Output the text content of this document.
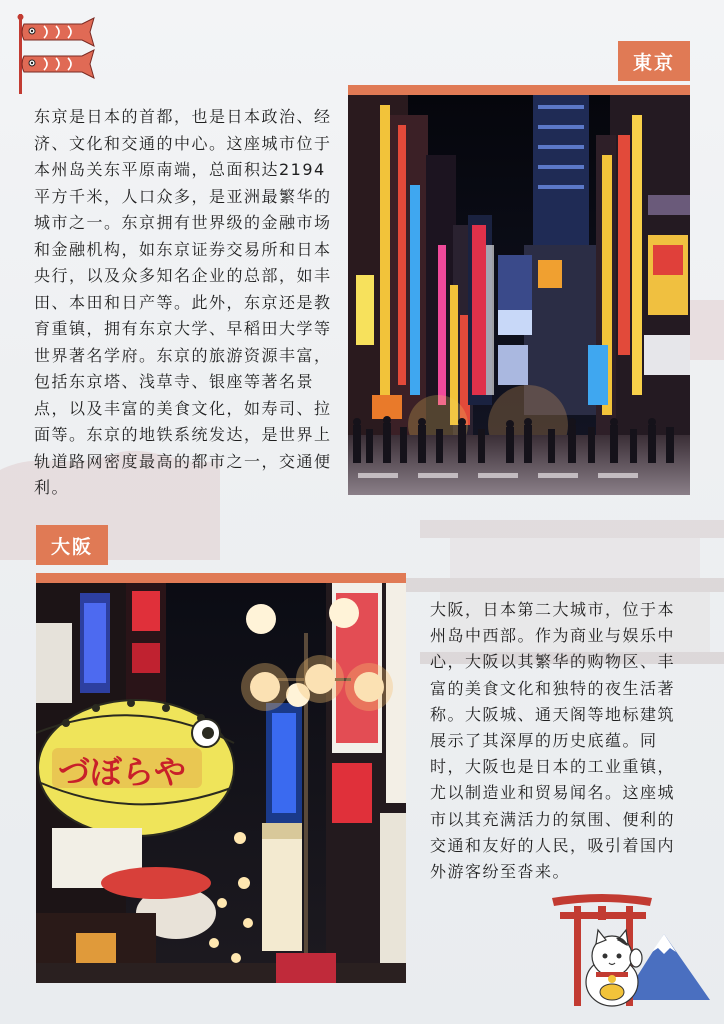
東京

东京是日本的首都，也是日本政治、经济、文化和交通的中心。这座城市位于本州岛关东平原南端，总面积达2194平方千米，人口众多，是亚洲最繁华的城市之一。东京拥有世界级的金融市场和金融机构，如东京证券交易所和日本央行，以及众多知名企业的总部，如丰田、本田和日产等。此外，东京还是教育重镇，拥有东京大学、早稻田大学等世界著名学府。东京的旅游资源丰富，包括东京塔、浅草寺、银座等著名景点，以及丰富的美食文化，如寿司、拉面等。东京的地铁系统发达，是世界上轨道路网密度最高的都市之一，交通便利。

大阪
づぼらや

大阪，日本第二大城市，位于本州岛中西部。作为商业与娱乐中心，大阪以其繁华的购物区、丰富的美食文化和独特的夜生活著称。大阪城、通天阁等地标建筑展示了其深厚的历史底蕴。同时，大阪也是日本的工业重镇，尤以制造业和贸易闻名。这座城市以其充满活力的氛围、便利的交通和友好的人民，吸引着国内外游客纷至沓来。
